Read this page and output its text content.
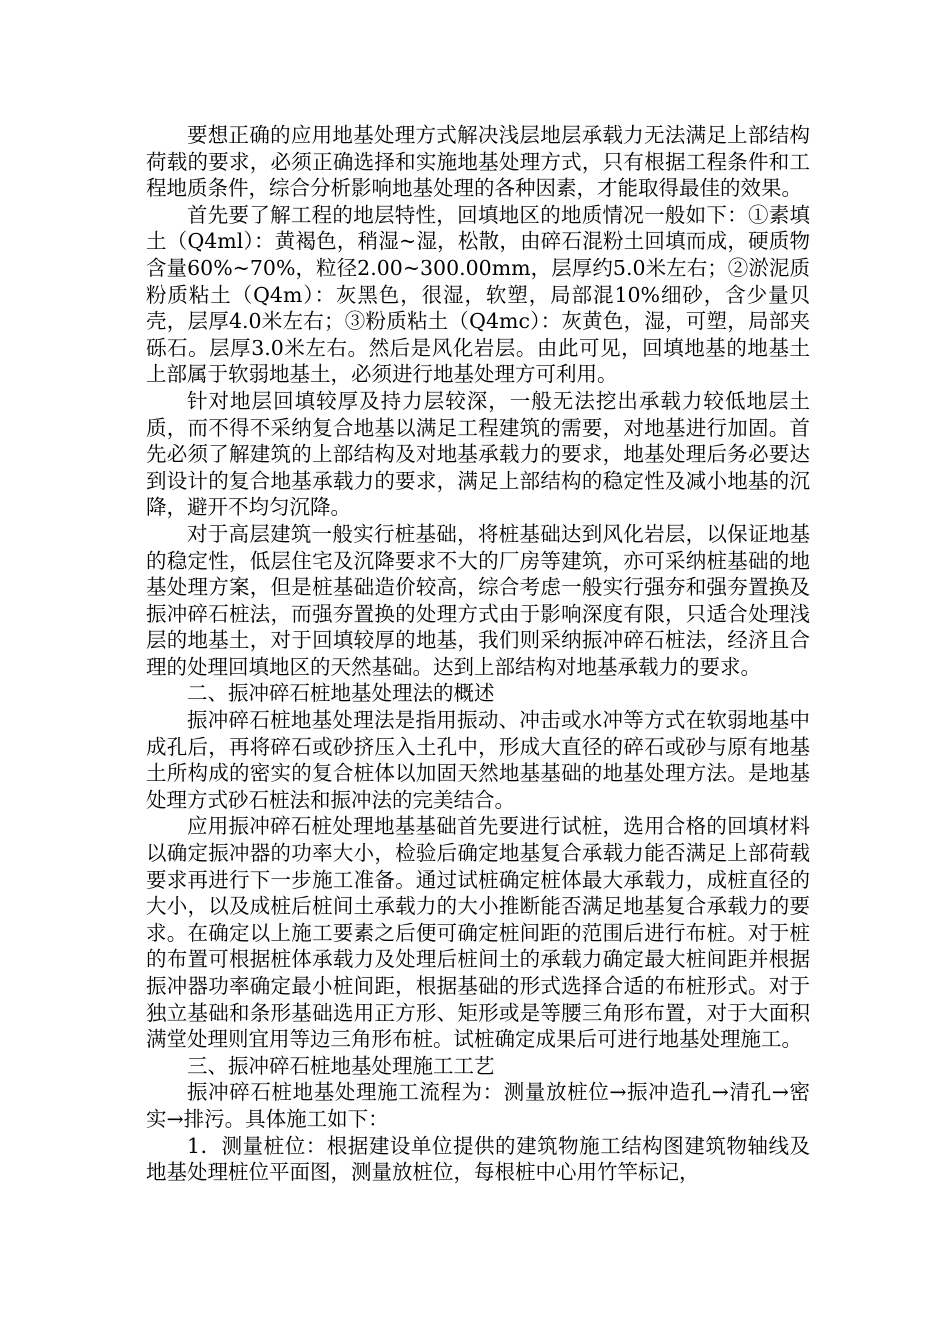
要想正确的应用地基处理方式解决浅层地层承载力无法满足上部结构荷载的要求，必须正确选择和实施地基处理方式，只有根据工程条件和工程地质条件，综合分析影响地基处理的各种因素，才能取得最佳的效果。

首先要了解工程的地层特性，回填地区的地质情况一般如下：①素填土（Q4ml）：黄褐色，稍湿~湿，松散，由碎石混粉土回填而成，硬质物含量60%~70%，粒径2.00~300.00mm，层厚约5.0米左右；②淤泥质粉质粘土（Q4m）：灰黑色，很湿，软塑，局部混10%细砂，含少量贝壳，层厚4.0米左右；③粉质粘土（Q4mc）：灰黄色，湿，可塑，局部夹砾石。层厚3.0米左右。然后是风化岩层。由此可见，回填地基的地基土上部属于软弱地基土，必须进行地基处理方可利用。

针对地层回填较厚及持力层较深，一般无法挖出承载力较低地层土质，而不得不采纳复合地基以满足工程建筑的需要，对地基进行加固。首先必须了解建筑的上部结构及对地基承载力的要求，地基处理后务必要达到设计的复合地基承载力的要求，满足上部结构的稳定性及减小地基的沉降，避开不均匀沉降。

对于高层建筑一般实行桩基础，将桩基础达到风化岩层，以保证地基的稳定性，低层住宅及沉降要求不大的厂房等建筑，亦可采纳桩基础的地基处理方案，但是桩基础造价较高，综合考虑一般实行强夯和强夯置换及振冲碎石桩法，而强夯置换的处理方式由于影响深度有限，只适合处理浅层的地基土，对于回填较厚的地基，我们则采纳振冲碎石桩法，经济且合理的处理回填地区的天然基础。达到上部结构对地基承载力的要求。

二、振冲碎石桩地基处理法的概述

振冲碎石桩地基处理法是指用振动、冲击或水冲等方式在软弱地基中成孔后，再将碎石或砂挤压入土孔中，形成大直径的碎石或砂与原有地基土所构成的密实的复合桩体以加固天然地基基础的地基处理方法。是地基处理方式砂石桩法和振冲法的完美结合。

应用振冲碎石桩处理地基基础首先要进行试桩，选用合格的回填材料以确定振冲器的功率大小，检验后确定地基复合承载力能否满足上部荷载要求再进行下一步施工准备。通过试桩确定桩体最大承载力，成桩直径的大小，以及成桩后桩间土承载力的大小推断能否满足地基复合承载力的要求。在确定以上施工要素之后便可确定桩间距的范围后进行布桩。对于桩的布置可根据桩体承载力及处理后桩间土的承载力确定最大桩间距并根据振冲器功率确定最小桩间距，根据基础的形式选择合适的布桩形式。对于独立基础和条形基础选用正方形、矩形或是等腰三角形布置，对于大面积满堂处理则宜用等边三角形布桩。试桩确定成果后可进行地基处理施工。

三、振冲碎石桩地基处理施工工艺

振冲碎石桩地基处理施工流程为：测量放桩位→振冲造孔→清孔→密实→排污。具体施工如下：

1．测量桩位：根据建设单位提供的建筑物施工结构图建筑物轴线及地基处理桩位平面图，测量放桩位，每根桩中心用竹竿标记，
